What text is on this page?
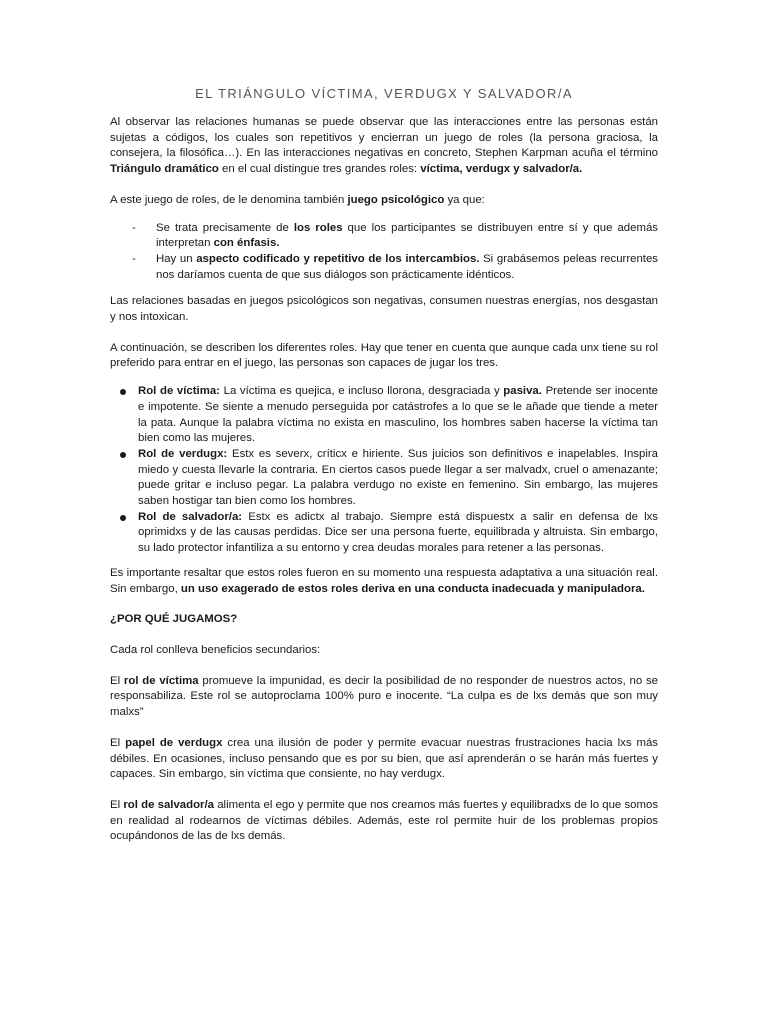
EL TRIÁNGULO VÍCTIMA, VERDUGX Y SALVADOR/A

Al observar las relaciones humanas se puede observar que las interacciones entre las personas están sujetas a códigos, los cuales son repetitivos y encierran un juego de roles (la persona graciosa, la consejera, la filosófica…). En las interacciones negativas en concreto, Stephen Karpman acuña el término Triángulo dramático en el cual distingue tres grandes roles: víctima, verdugx y salvador/a.

A este juego de roles, de le denomina también juego psicológico ya que:

- Se trata precisamente de los roles que los participantes se distribuyen entre sí y que además interpretan con énfasis.
- Hay un aspecto codificado y repetitivo de los intercambios. Si grabásemos peleas recurrentes nos daríamos cuenta de que sus diálogos son prácticamente idénticos.

Las relaciones basadas en juegos psicológicos son negativas, consumen nuestras energías, nos desgastan y nos intoxican.

A continuación, se describen los diferentes roles. Hay que tener en cuenta que aunque cada unx tiene su rol preferido para entrar en el juego, las personas son capaces de jugar los tres.

Rol de víctima: La víctima es quejica, e incluso llorona, desgraciada y pasiva. Pretende ser inocente e impotente. Se siente a menudo perseguida por catástrofes a lo que se le añade que tiende a meter la pata. Aunque la palabra víctima no exista en masculino, los hombres saben hacerse la víctima tan bien como las mujeres.
Rol de verdugx: Estx es severx, críticx e hiriente. Sus juicios son definitivos e inapelables. Inspira miedo y cuesta llevarle la contraria. En ciertos casos puede llegar a ser malvadx, cruel o amenazante; puede gritar e incluso pegar. La palabra verdugo no existe en femenino. Sin embargo, las mujeres saben hostigar tan bien como los hombres.
Rol de salvador/a: Estx es adictx al trabajo. Siempre está dispuestx a salir en defensa de lxs oprimidxs y de las causas perdidas. Dice ser una persona fuerte, equilibrada y altruista. Sin embargo, su lado protector infantiliza a su entorno y crea deudas morales para retener a las personas.

Es importante resaltar que estos roles fueron en su momento una respuesta adaptativa a una situación real. Sin embargo, un uso exagerado de estos roles deriva en una conducta inadecuada y manipuladora.

¿POR QUÉ JUGAMOS?

Cada rol conlleva beneficios secundarios:

El rol de víctima promueve la impunidad, es decir la posibilidad de no responder de nuestros actos, no se responsabiliza. Este rol se autoproclama 100% puro e inocente. “La culpa es de lxs demás que son muy malxs”

El papel de verdugx crea una ilusión de poder y permite evacuar nuestras frustraciones hacia lxs más débiles. En ocasiones, incluso pensando que es por su bien, que así aprenderán o se harán más fuertes y capaces. Sin embargo, sin víctima que consiente, no hay verdugx.

El rol de salvador/a alimenta el ego y permite que nos creamos más fuertes y equilibradxs de lo que somos en realidad al rodearnos de víctimas débiles. Además, este rol permite huir de los problemas propios ocupándonos de las de lxs demás.
